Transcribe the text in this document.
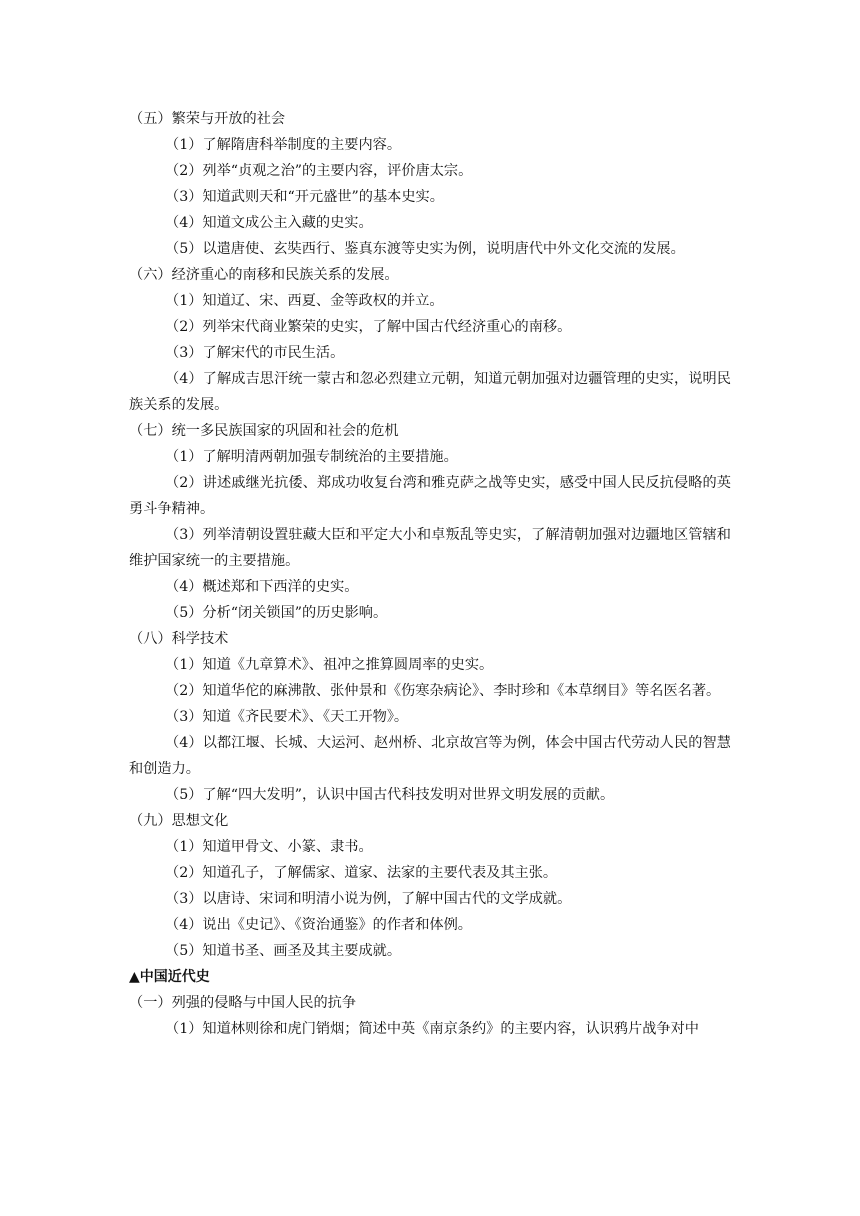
（五）繁荣与开放的社会

（1）了解隋唐科举制度的主要内容。

（2）列举“贞观之治”的主要内容，评价唐太宗。

（3）知道武则天和“开元盛世”的基本史实。

（4）知道文成公主入藏的史实。

（5）以遣唐使、玄奘西行、鉴真东渡等史实为例，说明唐代中外文化交流的发展。

（六）经济重心的南移和民族关系的发展。

（1）知道辽、宋、西夏、金等政权的并立。

（2）列举宋代商业繁荣的史实，了解中国古代经济重心的南移。

（3）了解宋代的市民生活。

（4）了解成吉思汗统一蒙古和忽必烈建立元朝，知道元朝加强对边疆管理的史实，说明民族关系的发展。

（七）统一多民族国家的巩固和社会的危机

（1）了解明清两朝加强专制统治的主要措施。

（2）讲述戚继光抗倭、郑成功收复台湾和雅克萨之战等史实，感受中国人民反抗侵略的英勇斗争精神。

（3）列举清朝设置驻藏大臣和平定大小和卓叛乱等史实，了解清朝加强对边疆地区管辖和维护国家统一的主要措施。

（4）概述郑和下西洋的史实。

（5）分析“闭关锁国”的历史影响。

（八）科学技术

（1）知道《九章算术》、祖冲之推算圆周率的史实。

（2）知道华佗的麻沸散、张仲景和《伤寒杂病论》、李时珍和《本草纲目》等名医名著。

（3）知道《齐民要术》、《天工开物》。

（4）以都江堰、长城、大运河、赵州桥、北京故宫等为例，体会中国古代劳动人民的智慧和创造力。

（5）了解“四大发明”，认识中国古代科技发明对世界文明发展的贡献。

（九）思想文化

（1）知道甲骨文、小篆、隶书。

（2）知道孔子，了解儒家、道家、法家的主要代表及其主张。

（3）以唐诗、宋词和明清小说为例，了解中国古代的文学成就。

（4）说出《史记》、《资治通鉴》的作者和体例。

（5）知道书圣、画圣及其主要成就。

▲中国近代史

（一）列强的侵略与中国人民的抗争

（1）知道林则徐和虎门销烟；简述中英《南京条约》的主要内容，认识鸦片战争对中
